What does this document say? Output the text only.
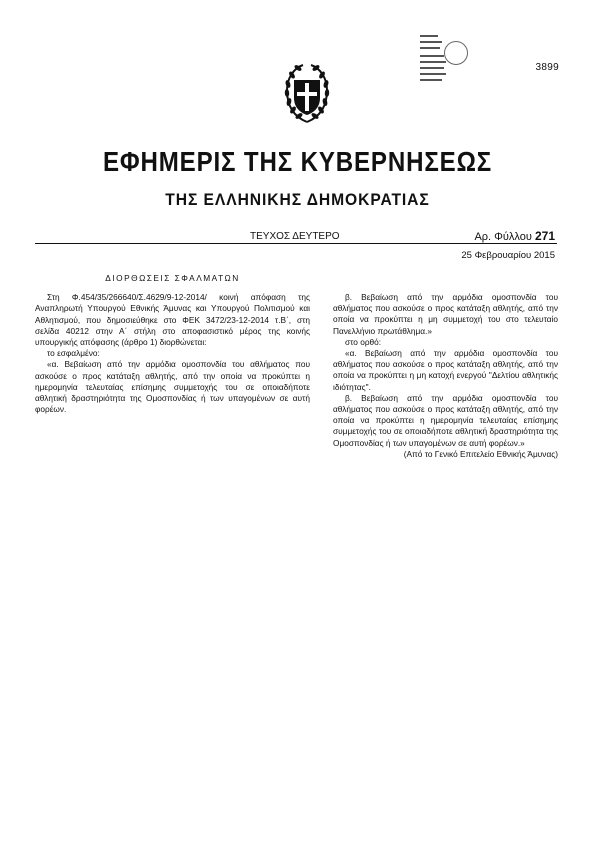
3899
ΕΦΗΜΕΡΙΣ ΤΗΣ ΚΥΒΕΡΝΗΣΕΩΣ
ΤΗΣ ΕΛΛΗΝΙΚΗΣ ΔΗΜΟΚΡΑΤΙΑΣ
ΤΕΥΧΟΣ ΔΕΥΤΕΡΟ	Αρ. Φύλλου 271
25 Φεβρουαρίου 2015

ΔΙΟΡΘΩΣΕΙΣ ΣΦΑΛΜΑΤΩΝ

Στη Φ.454/35/266640/Σ.4629/9-12-2014/ κοινή απόφαση της Αναπληρωτή Υπουργού Εθνικής Άμυνας και Υπουργού Πολιτισμού και Αθλητισμού, που δημοσιεύθηκε στο ΦΕΚ 3472/23-12-2014 τ.Β΄, στη σελίδα 40212 στην Α΄ στήλη στο αποφασιστικό μέρος της κοινής υπουργικής απόφασης (άρθρο 1) διορθώνεται:

το εσφαλμένο:

«α. Βεβαίωση από την αρμόδια ομοσπονδία του αθλήματος που ασκούσε ο προς κατάταξη αθλητής, από την οποία να προκύπτει η ημερομηνία τελευταίας επίσημης συμμετοχής του σε οποιαδήποτε αθλητική δραστηριότητα της Ομοσπονδίας ή των υπαγομένων σε αυτή φορέων.

β. Βεβαίωση από την αρμόδια ομοσπονδία του αθλήματος που ασκούσε ο προς κατάταξη αθλητής, από την οποία να προκύπτει η μη συμμετοχή του στο τελευταίο Πανελλήνιο πρωτάθλημα.»

στο ορθό:

«α. Βεβαίωση από την αρμόδια ομοσπονδία του αθλήματος που ασκούσε ο προς κατάταξη αθλητής, από την οποία να προκύπτει η μη κατοχή ενεργού "Δελτίου αθλητικής ιδιότητας".

β. Βεβαίωση από την αρμόδια ομοσπονδία του αθλήματος που ασκούσε ο προς κατάταξη αθλητής, από την οποία να προκύπτει η ημερομηνία τελευταίας επίσημης συμμετοχής του σε οποιαδήποτε αθλητική δραστηριότητα της Ομοσπονδίας ή των υπαγομένων σε αυτή φορέων.»

(Από το Γενικό Επιτελείο Εθνικής Άμυνας)
